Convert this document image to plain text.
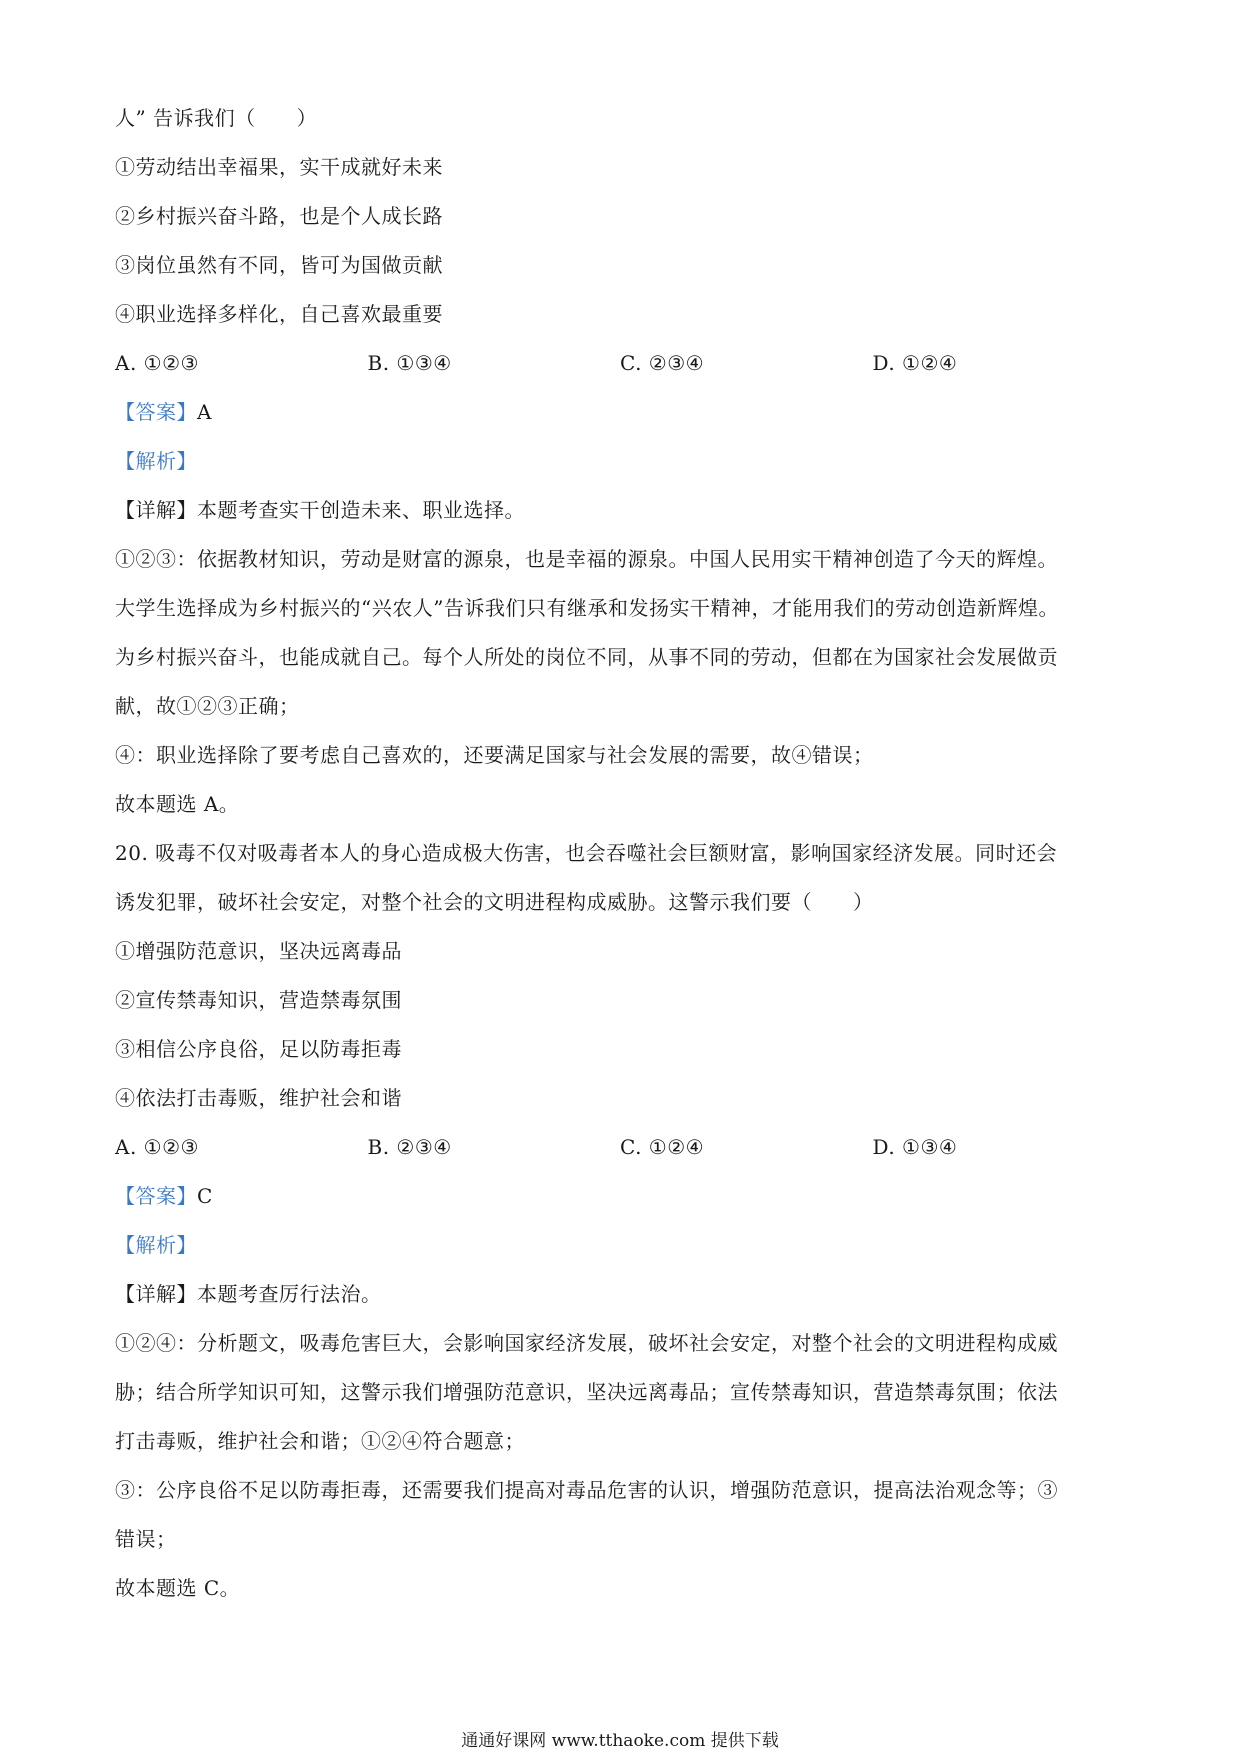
人” 告诉我们（　　）
①劳动结出幸福果，实干成就好未来
②乡村振兴奋斗路，也是个人成长路
③岗位虽然有不同，皆可为国做贡献
④职业选择多样化，自己喜欢最重要
A. ①②③	B. ①③④	C. ②③④	D. ①②④
【答案】A
【解析】
【详解】本题考查实干创造未来、职业选择。
①②③：依据教材知识，劳动是财富的源泉，也是幸福的源泉。中国人民用实干精神创造了今天的辉煌。
大学生选择成为乡村振兴的“兴农人”告诉我们只有继承和发扬实干精神，才能用我们的劳动创造新辉煌。
为乡村振兴奋斗，也能成就自己。每个人所处的岗位不同，从事不同的劳动，但都在为国家社会发展做贡
献，故①②③正确；
④：职业选择除了要考虑自己喜欢的，还要满足国家与社会发展的需要，故④错误；
故本题选 A。
20. 吸毒不仅对吸毒者本人的身心造成极大伤害，也会吞噬社会巨额财富，影响国家经济发展。同时还会
诱发犯罪，破坏社会安定，对整个社会的文明进程构成威胁。这警示我们要（　　）
①增强防范意识，坚决远离毒品
②宣传禁毒知识，营造禁毒氛围
③相信公序良俗，足以防毒拒毒
④依法打击毒贩，维护社会和谐
A. ①②③	B. ②③④	C. ①②④	D. ①③④
【答案】C
【解析】
【详解】本题考查厉行法治。
①②④：分析题文，吸毒危害巨大，会影响国家经济发展，破坏社会安定，对整个社会的文明进程构成威
胁；结合所学知识可知，这警示我们增强防范意识，坚决远离毒品；宣传禁毒知识，营造禁毒氛围；依法
打击毒贩，维护社会和谐；①②④符合题意；
③：公序良俗不足以防毒拒毒，还需要我们提高对毒品危害的认识，增强防范意识，提高法治观念等；③
错误；
故本题选 C。
通通好课网 www.tthaoke.com 提供下载
